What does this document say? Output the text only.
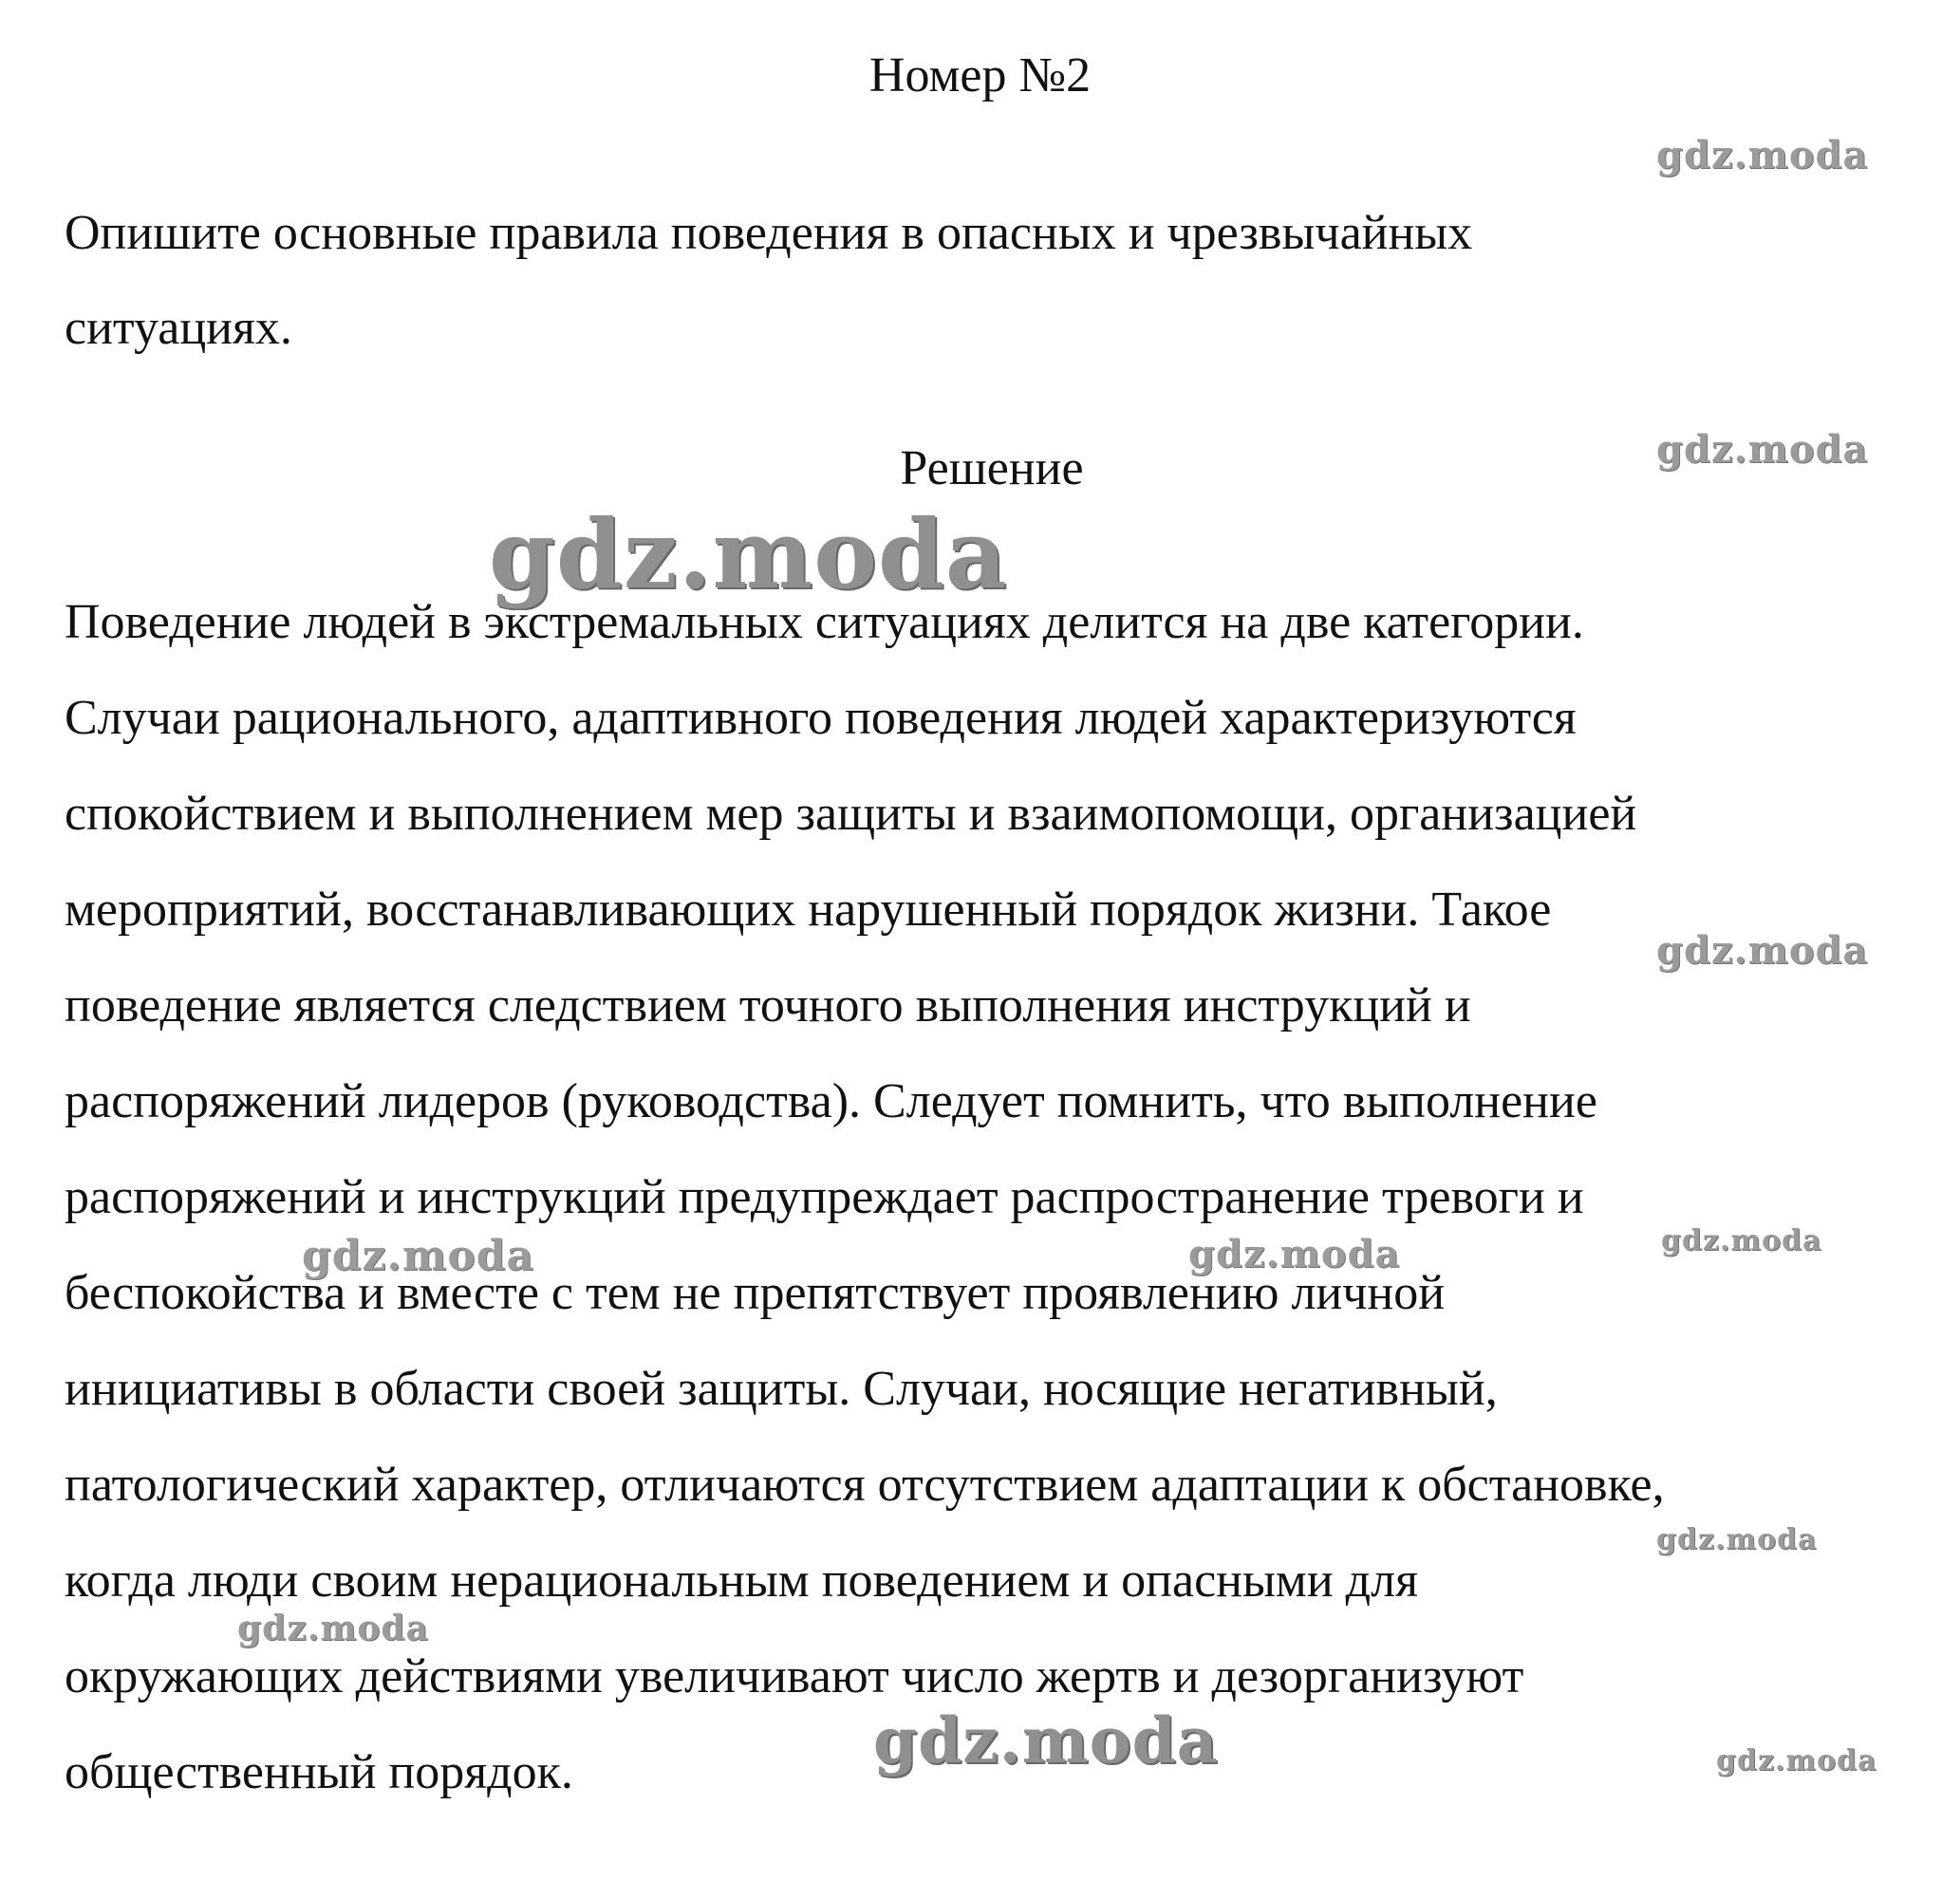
Номер №2
Опишите основные правила поведения в опасных и чрезвычайных
ситуациях.
Решение
Поведение людей в экстремальных ситуациях делится на две категории.
Случаи рационального, адаптивного поведения людей характеризуются
спокойствием и выполнением мер защиты и взаимопомощи, организацией
мероприятий, восстанавливающих нарушенный порядок жизни. Такое
поведение является следствием точного выполнения инструкций и
распоряжений лидеров (руководства). Следует помнить, что выполнение
распоряжений и инструкций предупреждает распространение тревоги и
беспокойства и вместе с тем не препятствует проявлению личной
инициативы в области своей защиты. Случаи, носящие негативный,
патологический характер, отличаются отсутствием адаптации к обстановке,
когда люди своим нерациональным поведением и опасными для
окружающих действиями увеличивают число жертв и дезорганизуют
общественный порядок.
gdz.moda
gdz.moda
gdz.moda
gdz.moda
gdz.moda	gdz.moda	gdz.moda
gdz.moda
gdz.moda
gdz.moda	gdz.moda
